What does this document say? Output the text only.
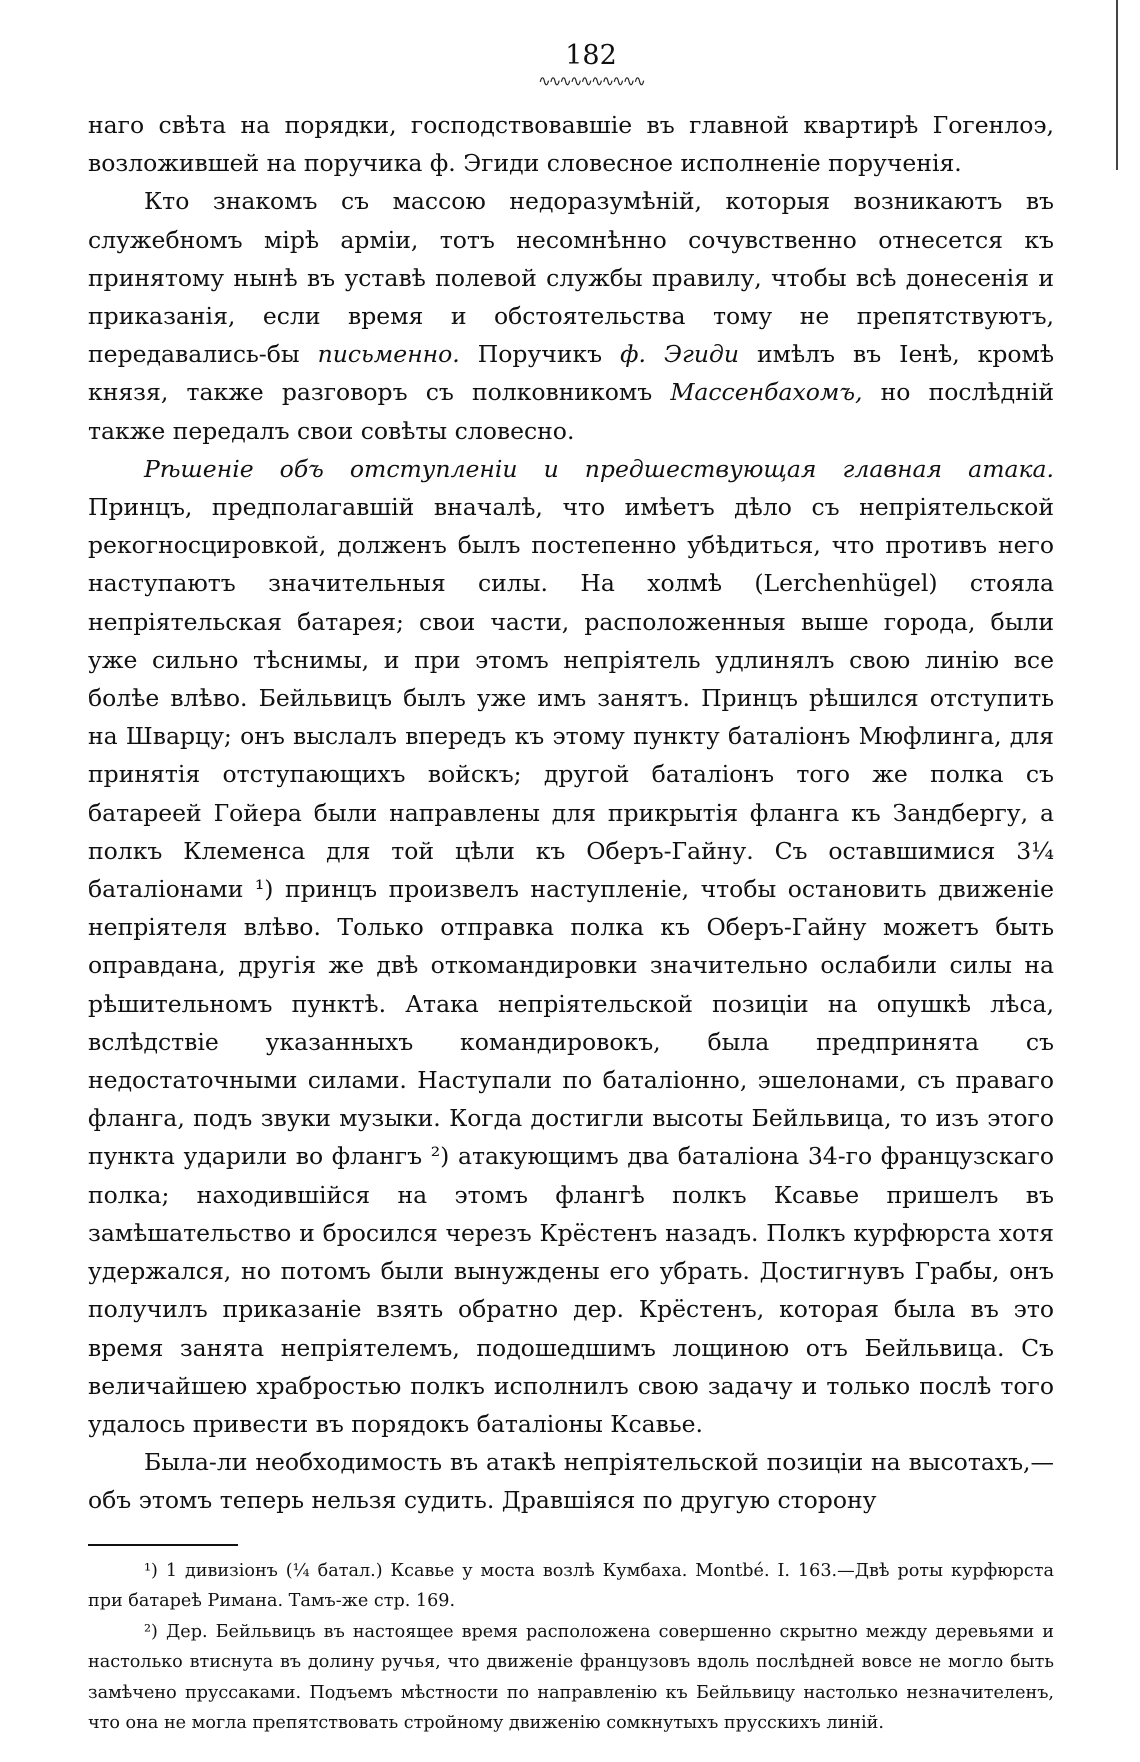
182
∿∿∿∿∿∿∿∿∿∿

наго свѣта на порядки, господствовавшіе въ главной квартирѣ Гогенлоэ, возложившей на поручика ф. Эгиди словесное исполненіе порученія.

Кто знакомъ съ массою недоразумѣній, которыя возникаютъ въ служебномъ мірѣ арміи, тотъ несомнѣнно сочувственно отнесется къ принятому нынѣ въ уставѣ полевой службы правилу, чтобы всѣ донесенія и приказанія, если время и обстоятельства тому не препятствуютъ, передавались-бы письменно. Поручикъ ф. Эгиди имѣлъ въ Іенѣ, кромѣ князя, также разговоръ съ полковникомъ Массенбахомъ, но послѣдній также передалъ свои совѣты словесно.

Рѣшеніе объ отступленіи и предшествующая главная атака. Принцъ, предполагавшій вначалѣ, что имѣетъ дѣло съ непріятельской рекогносцировкой, долженъ былъ постепенно убѣдиться, что противъ него наступаютъ значительныя силы. На холмѣ (Lerchenhügel) стояла непріятельская батарея; свои части, расположенныя выше города, были уже сильно тѣснимы, и при этомъ непріятель удлинялъ свою линію все болѣе влѣво. Бейльвицъ былъ уже имъ занятъ. Принцъ рѣшился отступить на Шварцу; онъ выслалъ впередъ къ этому пункту баталіонъ Мюфлинга, для принятія отступающихъ войскъ; другой баталіонъ того же полка съ батареей Гойера были направлены для прикрытія фланга къ Зандбергу, а полкъ Клеменса для той цѣли къ Оберъ-Гайну. Съ оставшимися 3¼ баталіонами ¹) принцъ произвелъ наступленіе, чтобы остановить движеніе непріятеля влѣво. Только отправка полка къ Оберъ-Гайну можетъ быть оправдана, другія же двѣ откомандировки значительно ослабили силы на рѣшительномъ пунктѣ. Атака непріятельской позиціи на опушкѣ лѣса, вслѣдствіе указанныхъ командировокъ, была предпринята съ недостаточными силами. Наступали по баталіонно, эшелонами, съ праваго фланга, подъ звуки музыки. Когда достигли высоты Бейльвица, то изъ этого пункта ударили во флангъ ²) атакующимъ два баталіона 34-го французскаго полка; находившійся на этомъ флангѣ полкъ Ксавье пришелъ въ замѣшательство и бросился черезъ Крёстенъ назадъ. Полкъ курфюрста хотя удержался, но потомъ были вынуждены его убрать. Достигнувъ Грабы, онъ получилъ приказаніе взять обратно дер. Крёстенъ, которая была въ это время занята непріятелемъ, подошедшимъ лощиною отъ Бейльвица. Съ величайшею храбростью полкъ исполнилъ свою задачу и только послѣ того удалось привести въ порядокъ баталіоны Ксавье.

Была-ли необходимость въ атакѣ непріятельской позиціи на высотахъ,—объ этомъ теперь нельзя судить. Дравшіяся по другую сторону

¹) 1 дивизіонъ (¼ батал.) Ксавье у моста возлѣ Кумбаха. Montbé. I. 163.—Двѣ роты курфюрста при батареѣ Римана. Тамъ-же стр. 169.

²) Дер. Бейльвицъ въ настоящее время расположена совершенно скрытно между деревьями и настолько втиснута въ долину ручья, что движеніе французовъ вдоль послѣдней вовсе не могло быть замѣчено пруссаками. Подъемъ мѣстности по направленію къ Бейльвицу настолько незначителенъ, что она не могла препятствовать стройному движенію сомкнутыхъ прусскихъ линій.
